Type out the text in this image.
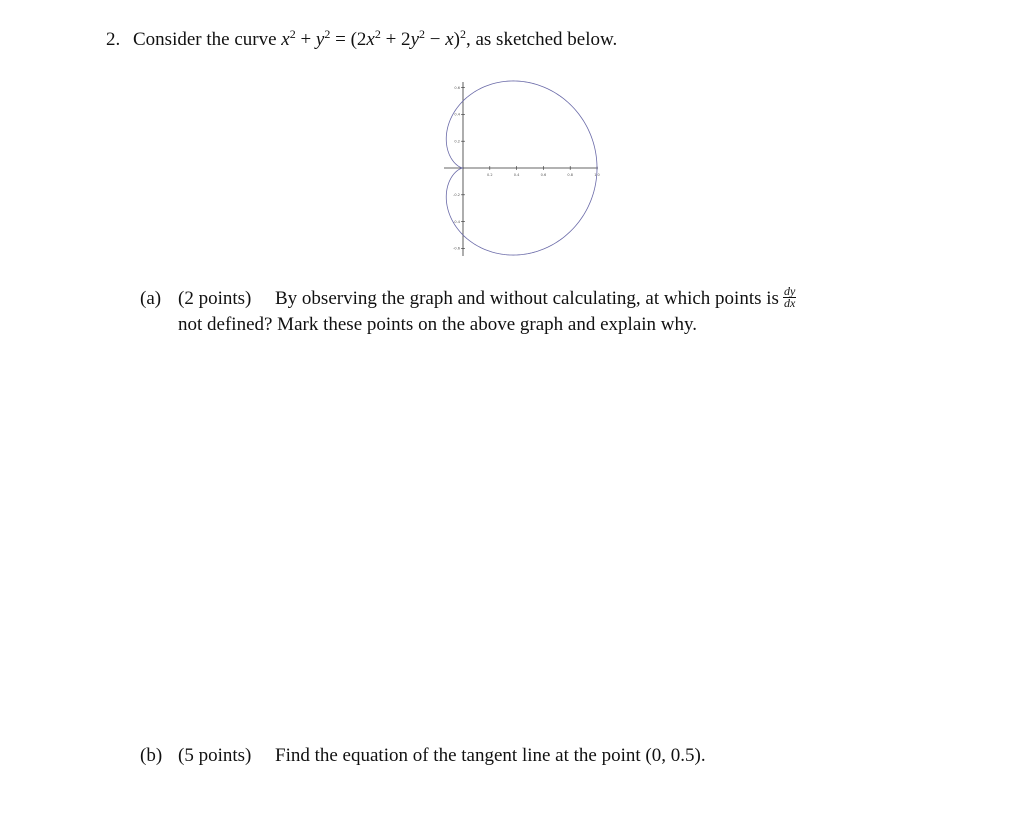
2. Consider the curve $x^2 + y^2 = (2x^2 + 2y^2 - x)^2$, as sketched below.
0.2	0.4	0.6	0.8	1.0
0.6
0.4
0.2
-0.2
-0.4
-0.6
(a) (2 points) By observing the graph and without calculating, at which points is $\frac{dy}{dx}$
not defined? Mark these points on the above graph and explain why.
(b) (5 points) Find the equation of the tangent line at the point (0, 0.5).
